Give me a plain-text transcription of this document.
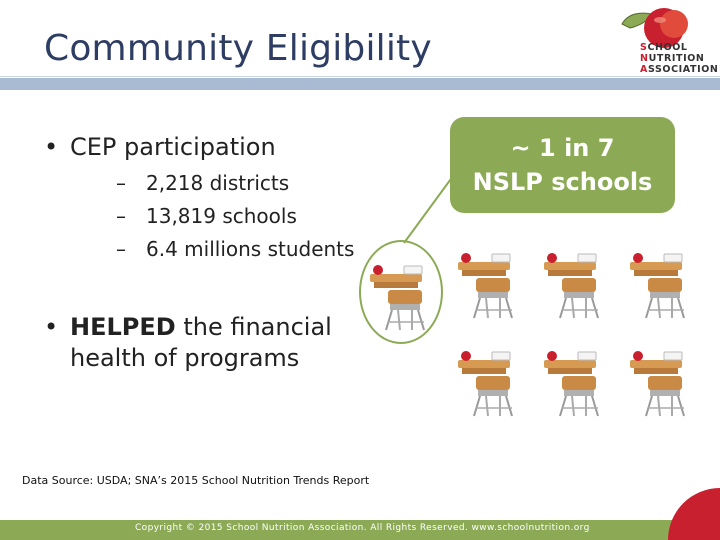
Community Eligibility	SCHOOL
NUTRITION
ASSOCIATION
• CEP participation
– 2,218 districts
– 13,819 schools
– 6.4 millions students
• HELPED the financial health of programs
~ 1 in 7
NSLP schools
Data Source: USDA; SNA’s 2015 School Nutrition Trends Report
Copyright © 2015 School Nutrition Association. All Rights Reserved. www.schoolnutrition.org
